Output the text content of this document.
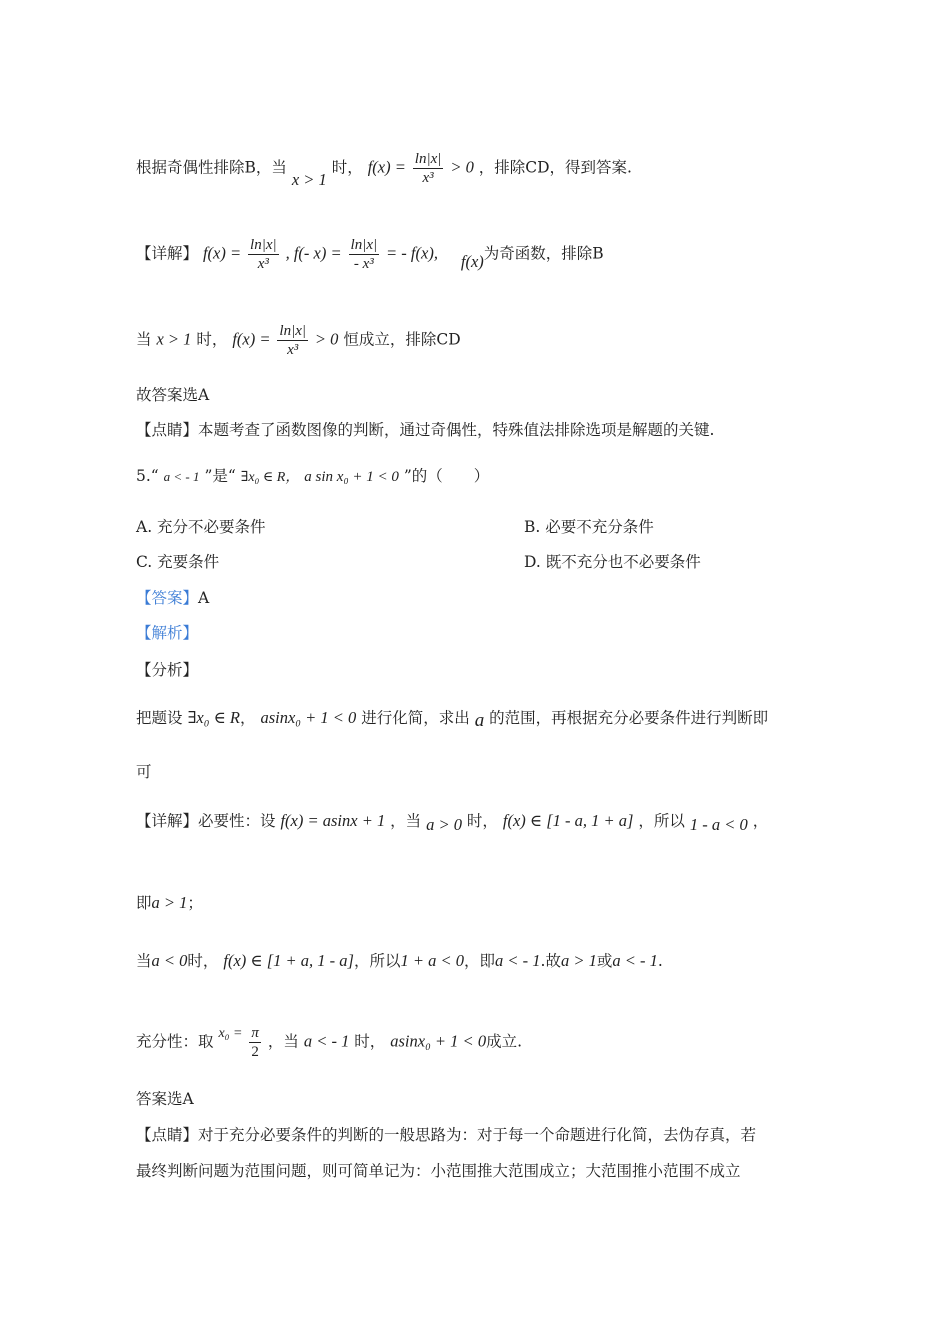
根据奇偶性排除B，当 x > 1 时， $f(x) = \frac{\ln|x|}{\text{x³}} > 0$ ，排除CD，得到答案.
【详解】 $f(x) = \frac{\ln|x|}{\text{x³}}$ , f(- $x) = \frac{\ln|x|}{\text{- x³}}$ = - f(x), f(x)为奇函数，排除B
当 x > 1 时， $f(x) = \frac{\ln|x|}{\text{x³}} > 0$ 恒成立，排除CD
故答案选A
【点睛】本题考查了函数图像的判断，通过奇偶性，特殊值法排除选项是解题的关键.
5.“ a < - 1 ”是“ ∃x₀ ∈ R， a sin x₀ + 1 < 0 ”的（　　）
A. 充分不必要条件	B. 必要不充分条件
C. 充要条件	D. 既不充分也不必要条件
【答案】A
【解析】
【分析】
把题设 ∃x₀ ∈ R， asinx₀ + 1 < 0 进行化简，求出 a 的范围，再根据充分必要条件进行判断即
可
【详解】必要性：设 f(x) = asinx + 1 ，当 a > 0 时， f(x) ∈ [1 - a, 1 + a] ，所以 1 - a < 0 ，
即a > 1；
当a < 0时， f(x) ∈ [1 + a, 1 - a]，所以1 + a < 0，即a < - 1.故a > 1或a < - 1.
充分性：取 $x_0 = \frac{\pi}{2}$ ，当 a < - 1 时， asinx₀ + 1 < 0成立.
答案选A
【点睛】对于充分必要条件的判断的一般思路为：对于每一个命题进行化简，去伪存真，若
最终判断问题为范围问题，则可简单记为：小范围推大范围成立；大范围推小范围不成立
